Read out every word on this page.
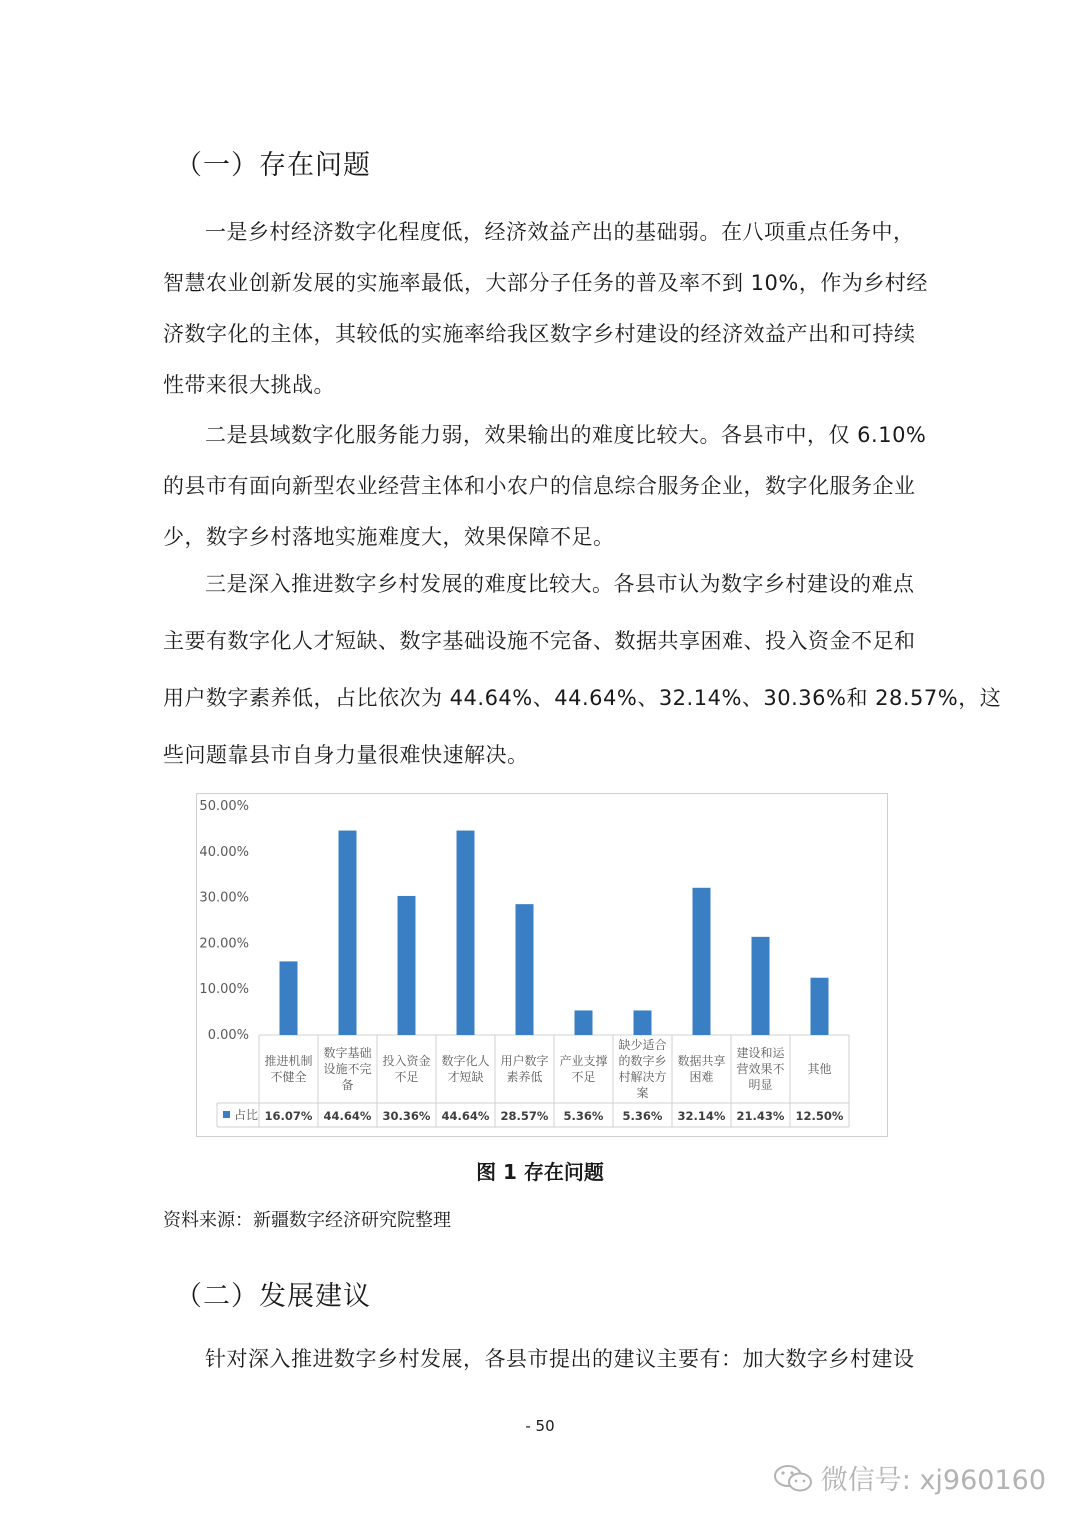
（一）存在问题
一是乡村经济数字化程度低，经济效益产出的基础弱。在八项重点任务中，
智慧农业创新发展的实施率最低，大部分子任务的普及率不到 10%，作为乡村经
济数字化的主体，其较低的实施率给我区数字乡村建设的经济效益产出和可持续
性带来很大挑战。
二是县域数字化服务能力弱，效果输出的难度比较大。各县市中，仅 6.10%
的县市有面向新型农业经营主体和小农户的信息综合服务企业，数字化服务企业
少，数字乡村落地实施难度大，效果保障不足。
三是深入推进数字乡村发展的难度比较大。各县市认为数字乡村建设的难点
主要有数字化人才短缺、数字基础设施不完备、数据共享困难、投入资金不足和
用户数字素养低，占比依次为 44.64%、44.64%、32.14%、30.36%和 28.57%，这
些问题靠县市自身力量很难快速解决。
0.00%
10.00%
20.00%
30.00%
40.00%
50.00%
占比
推进机制
不健全
16.07%
数字基础
设施不完
备
44.64%
投入资金
不足
30.36%
数字化人
才短缺
44.64%
用户数字
素养低
28.57%
产业支撑
不足
5.36%
缺少适合
的数字乡
村解决方
案
5.36%
数据共享
困难
32.14%
建设和运
营效果不
明显
21.43%
其他
12.50%
图 1 存在问题
资料来源：新疆数字经济研究院整理
（二）发展建议
针对深入推进数字乡村发展，各县市提出的建议主要有：加大数字乡村建设
- 50
微信号: xj960160
